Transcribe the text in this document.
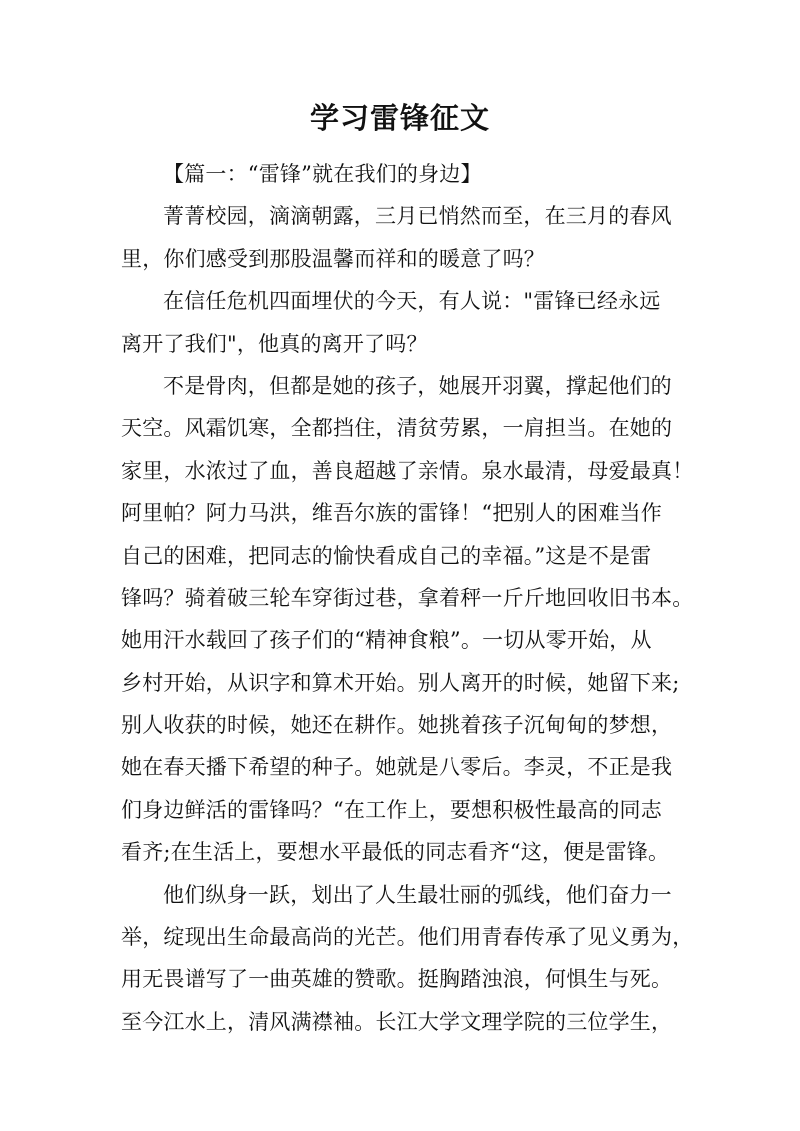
学习雷锋征文
【篇一：“雷锋”就在我们的身边】
菁菁校园，滴滴朝露，三月已悄然而至，在三月的春风
里，你们感受到那股温馨而祥和的暖意了吗？
在信任危机四面埋伏的今天，有人说："雷锋已经永远
离开了我们"，他真的离开了吗？
不是骨肉，但都是她的孩子，她展开羽翼，撑起他们的
天空。风霜饥寒，全都挡住，清贫劳累，一肩担当。在她的
家里，水浓过了血，善良超越了亲情。泉水最清，母爱最真！
阿里帕？阿力马洪，维吾尔族的雷锋！“把别人的困难当作
自己的困难，把同志的愉快看成自己的幸福。”这是不是雷
锋吗？骑着破三轮车穿街过巷，拿着秤一斤斤地回收旧书本。
她用汗水载回了孩子们的“精神食粮”。一切从零开始，从
乡村开始，从识字和算术开始。别人离开的时候，她留下来;
别人收获的时候，她还在耕作。她挑着孩子沉甸甸的梦想，
她在春天播下希望的种子。她就是八零后。李灵，不正是我
们身边鲜活的雷锋吗？“在工作上，要想积极性最高的同志
看齐;在生活上，要想水平最低的同志看齐“这，便是雷锋。
他们纵身一跃，划出了人生最壮丽的弧线，他们奋力一
举，绽现出生命最高尚的光芒。他们用青春传承了见义勇为，
用无畏谱写了一曲英雄的赞歌。挺胸踏浊浪，何惧生与死。
至今江水上，清风满襟袖。长江大学文理学院的三位学生，
